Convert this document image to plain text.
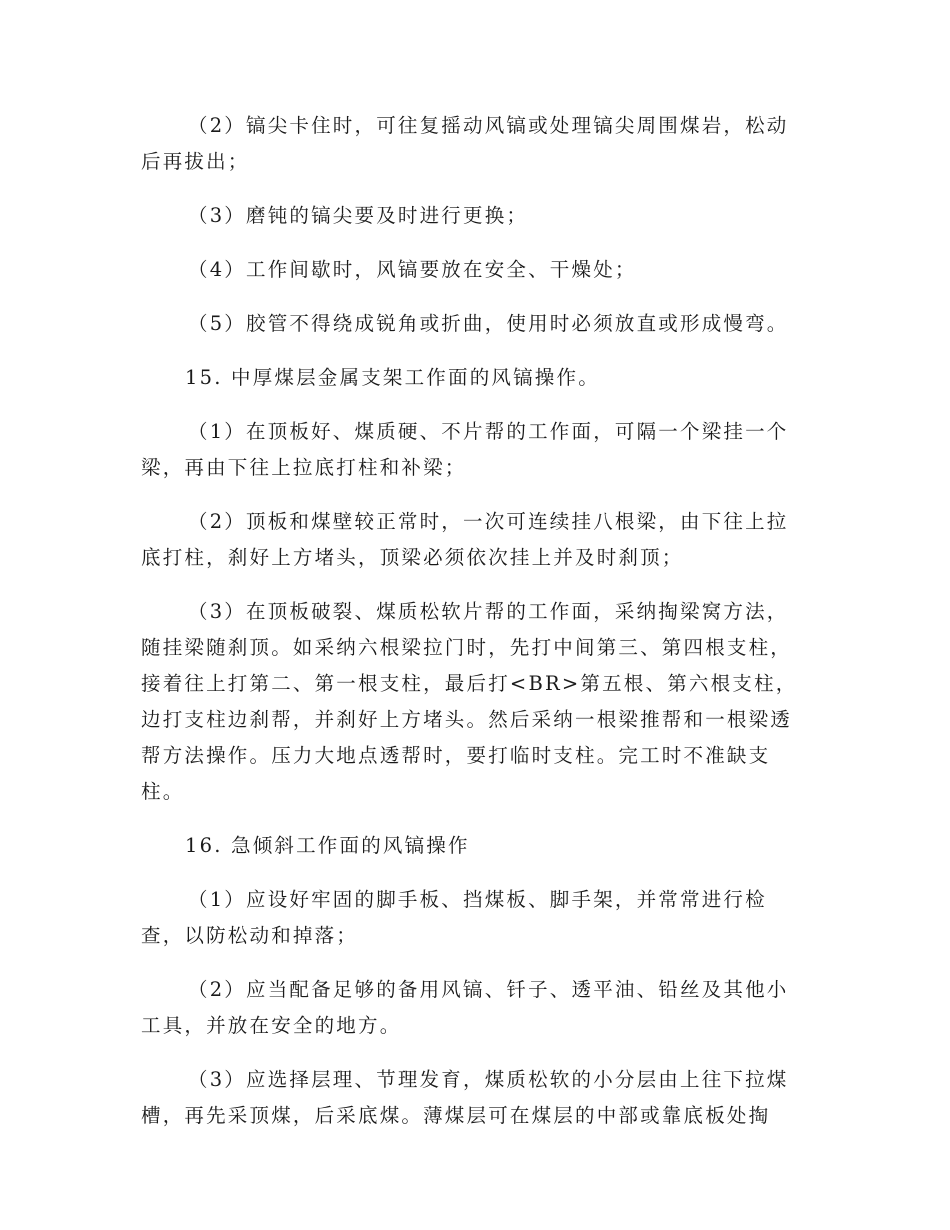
（2）镐尖卡住时，可往复摇动风镐或处理镐尖周围煤岩，松动后再拔出；

（3）磨钝的镐尖要及时进行更换；

（4）工作间歇时，风镐要放在安全、干燥处；

（5）胶管不得绕成锐角或折曲，使用时必须放直或形成慢弯。

15. 中厚煤层金属支架工作面的风镐操作。

（1）在顶板好、煤质硬、不片帮的工作面，可隔一个梁挂一个梁，再由下往上拉底打柱和补梁；

（2）顶板和煤壁较正常时，一次可连续挂八根梁，由下往上拉底打柱，刹好上方堵头，顶梁必须依次挂上并及时刹顶；

（3）在顶板破裂、煤质松软片帮的工作面，采纳掏梁窝方法，随挂梁随刹顶。如采纳六根梁拉门时，先打中间第三、第四根支柱，接着往上打第二、第一根支柱，最后打<BR>第五根、第六根支柱，边打支柱边刹帮，并刹好上方堵头。然后采纳一根梁推帮和一根梁透帮方法操作。压力大地点透帮时，要打临时支柱。完工时不准缺支柱。

16. 急倾斜工作面的风镐操作

（1）应设好牢固的脚手板、挡煤板、脚手架，并常常进行检查，以防松动和掉落；

（2）应当配备足够的备用风镐、钎子、透平油、铅丝及其他小工具，并放在安全的地方。

（3）应选择层理、节理发育，煤质松软的小分层由上往下拉煤槽，再先采顶煤，后采底煤。薄煤层可在煤层的中部或靠底板处掏
